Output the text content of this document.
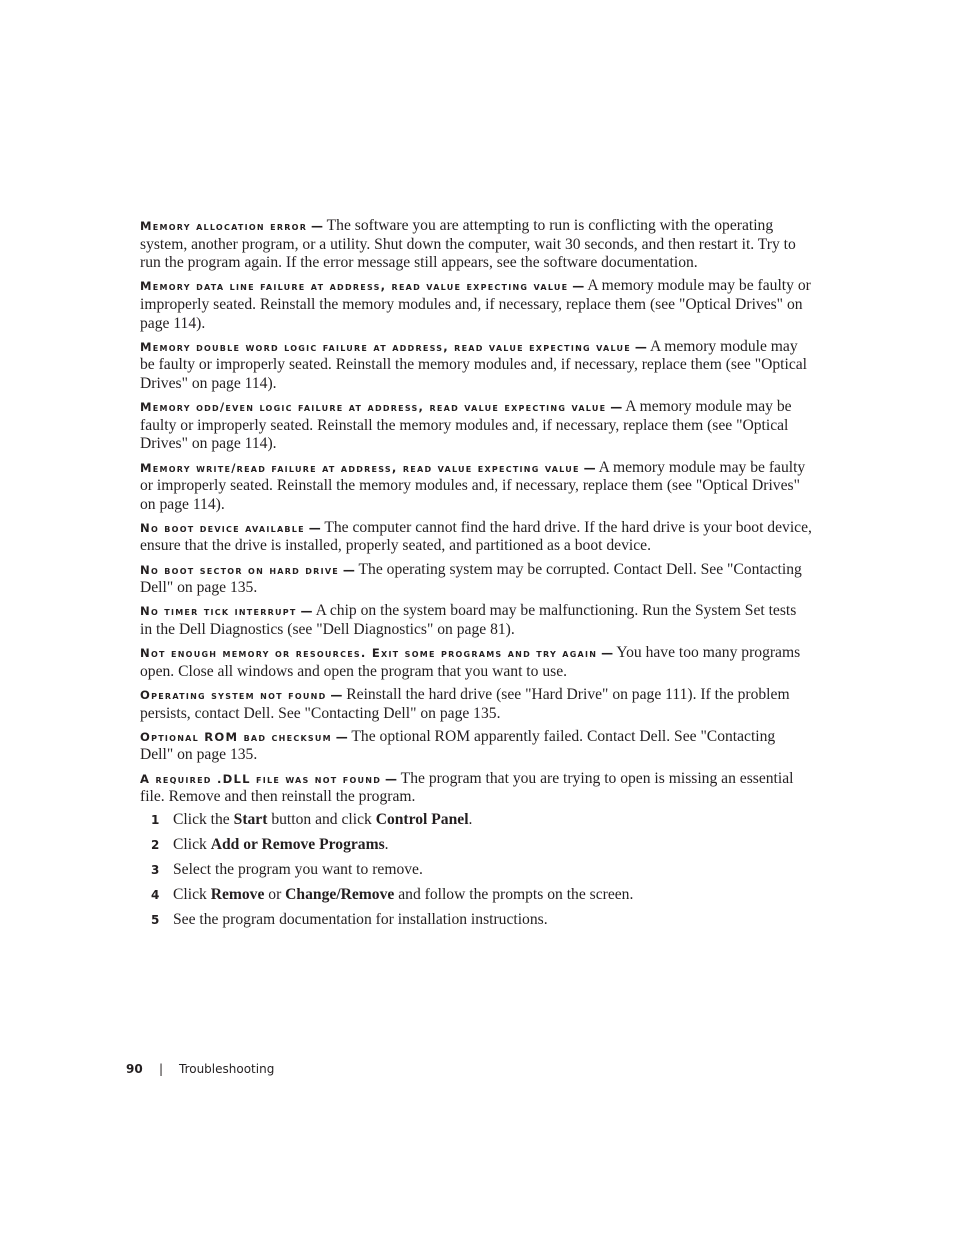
Memory allocation error — The software you are attempting to run is conflicting with the operating system, another program, or a utility. Shut down the computer, wait 30 seconds, and then restart it. Try to run the program again. If the error message still appears, see the software documentation.

Memory data line failure at address, read value expecting value — A memory module may be faulty or improperly seated. Reinstall the memory modules and, if necessary, replace them (see "Optical Drives" on page 114).

Memory double word logic failure at address, read value expecting value — A memory module may be faulty or improperly seated. Reinstall the memory modules and, if necessary, replace them (see "Optical Drives" on page 114).

Memory odd/even logic failure at address, read value expecting value — A memory module may be faulty or improperly seated. Reinstall the memory modules and, if necessary, replace them (see "Optical Drives" on page 114).

Memory write/read failure at address, read value expecting value — A memory module may be faulty or improperly seated. Reinstall the memory modules and, if necessary, replace them (see "Optical Drives" on page 114).

No boot device available — The computer cannot find the hard drive. If the hard drive is your boot device, ensure that the drive is installed, properly seated, and partitioned as a boot device.

No boot sector on hard drive — The operating system may be corrupted. Contact Dell. See "Contacting Dell" on page 135.

No timer tick interrupt — A chip on the system board may be malfunctioning. Run the System Set tests in the Dell Diagnostics (see "Dell Diagnostics" on page 81).

Not enough memory or resources. Exit some programs and try again — You have too many programs open. Close all windows and open the program that you want to use.

Operating system not found — Reinstall the hard drive (see "Hard Drive" on page 111). If the problem persists, contact Dell. See "Contacting Dell" on page 135.

Optional ROM bad checksum — The optional ROM apparently failed. Contact Dell. See "Contacting Dell" on page 135.

A required .DLL file was not found — The program that you are trying to open is missing an essential file. Remove and then reinstall the program.

1 Click the Start button and click Control Panel.
2 Click Add or Remove Programs.
3 Select the program you want to remove.
4 Click Remove or Change/Remove and follow the prompts on the screen.
5 See the program documentation for installation instructions.
90 | Troubleshooting
